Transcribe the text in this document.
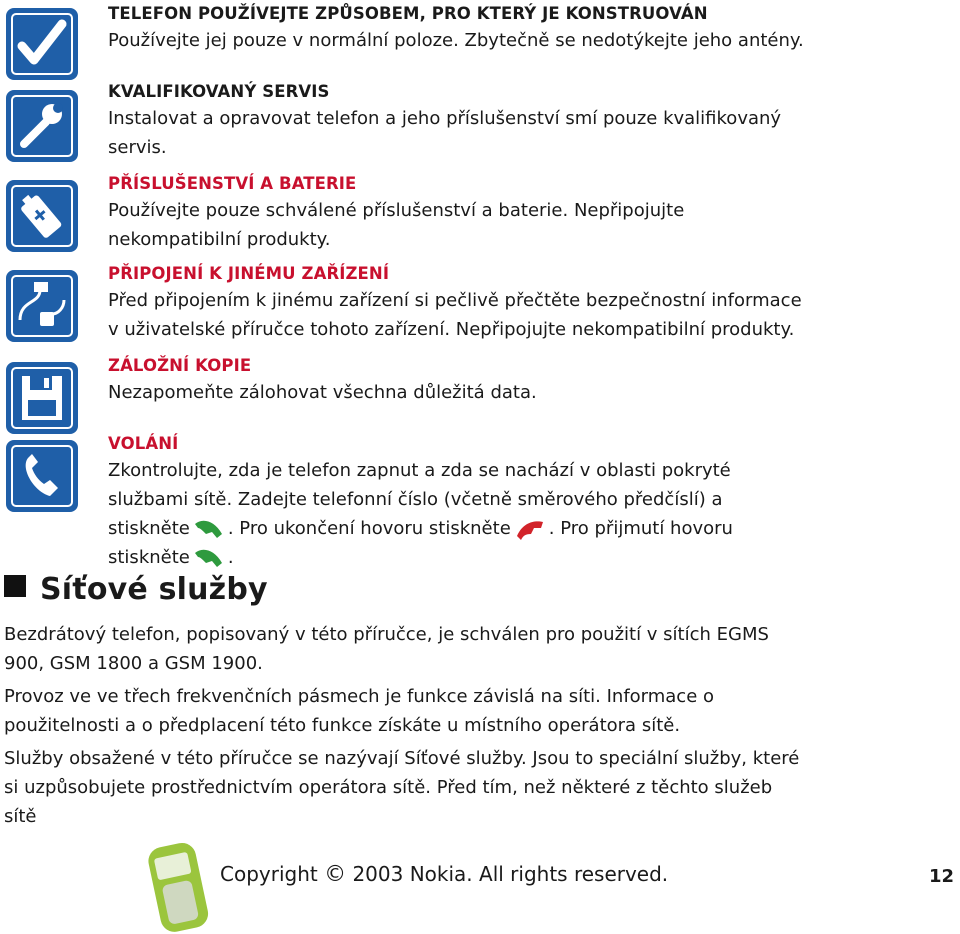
TELEFON POUŽÍVEJTE ZPŮSOBEM, PRO KTERÝ JE KONSTRUOVÁN
Používejte jej pouze v normální poloze. Zbytečně se nedotýkejte jeho antény.
KVALIFIKOVANÝ SERVIS
Instalovat a opravovat telefon a jeho příslušenství smí pouze kvalifikovaný servis.
PŘÍSLUŠENSTVÍ A BATERIE
Používejte pouze schválené příslušenství a baterie. Nepřipojujte nekompatibilní produkty.
PŘIPOJENÍ K JINÉMU ZAŘÍZENÍ
Před připojením k jinému zařízení si pečlivě přečtěte bezpečnostní informace v uživatelské příručce tohoto zařízení. Nepřipojujte nekompatibilní produkty.
ZÁLOŽNÍ KOPIE
Nezapomeňte zálohovat všechna důležitá data.
VOLÁNÍ
Zkontrolujte, zda je telefon zapnut a zda se nachází v oblasti pokryté službami sítě. Zadejte telefonní číslo (včetně směrového předčíslí) a stiskněte . Pro ukončení hovoru stiskněte . Pro přijmutí hovoru stiskněte .
Síťové služby
Bezdrátový telefon, popisovaný v této příručce, je schválen pro použití v sítích EGMS 900, GSM 1800 a GSM 1900.
Provoz ve ve třech frekvenčních pásmech je funkce závislá na síti. Informace o použitelnosti a o předplacení této funkce získáte u místního operátora sítě.
Služby obsažené v této příručce se nazývají Síťové služby. Jsou to speciální služby, které si uzpůsobujete prostřednictvím operátora sítě. Před tím, než některé z těchto služeb sítě
Copyright © 2003 Nokia. All rights reserved.	12
